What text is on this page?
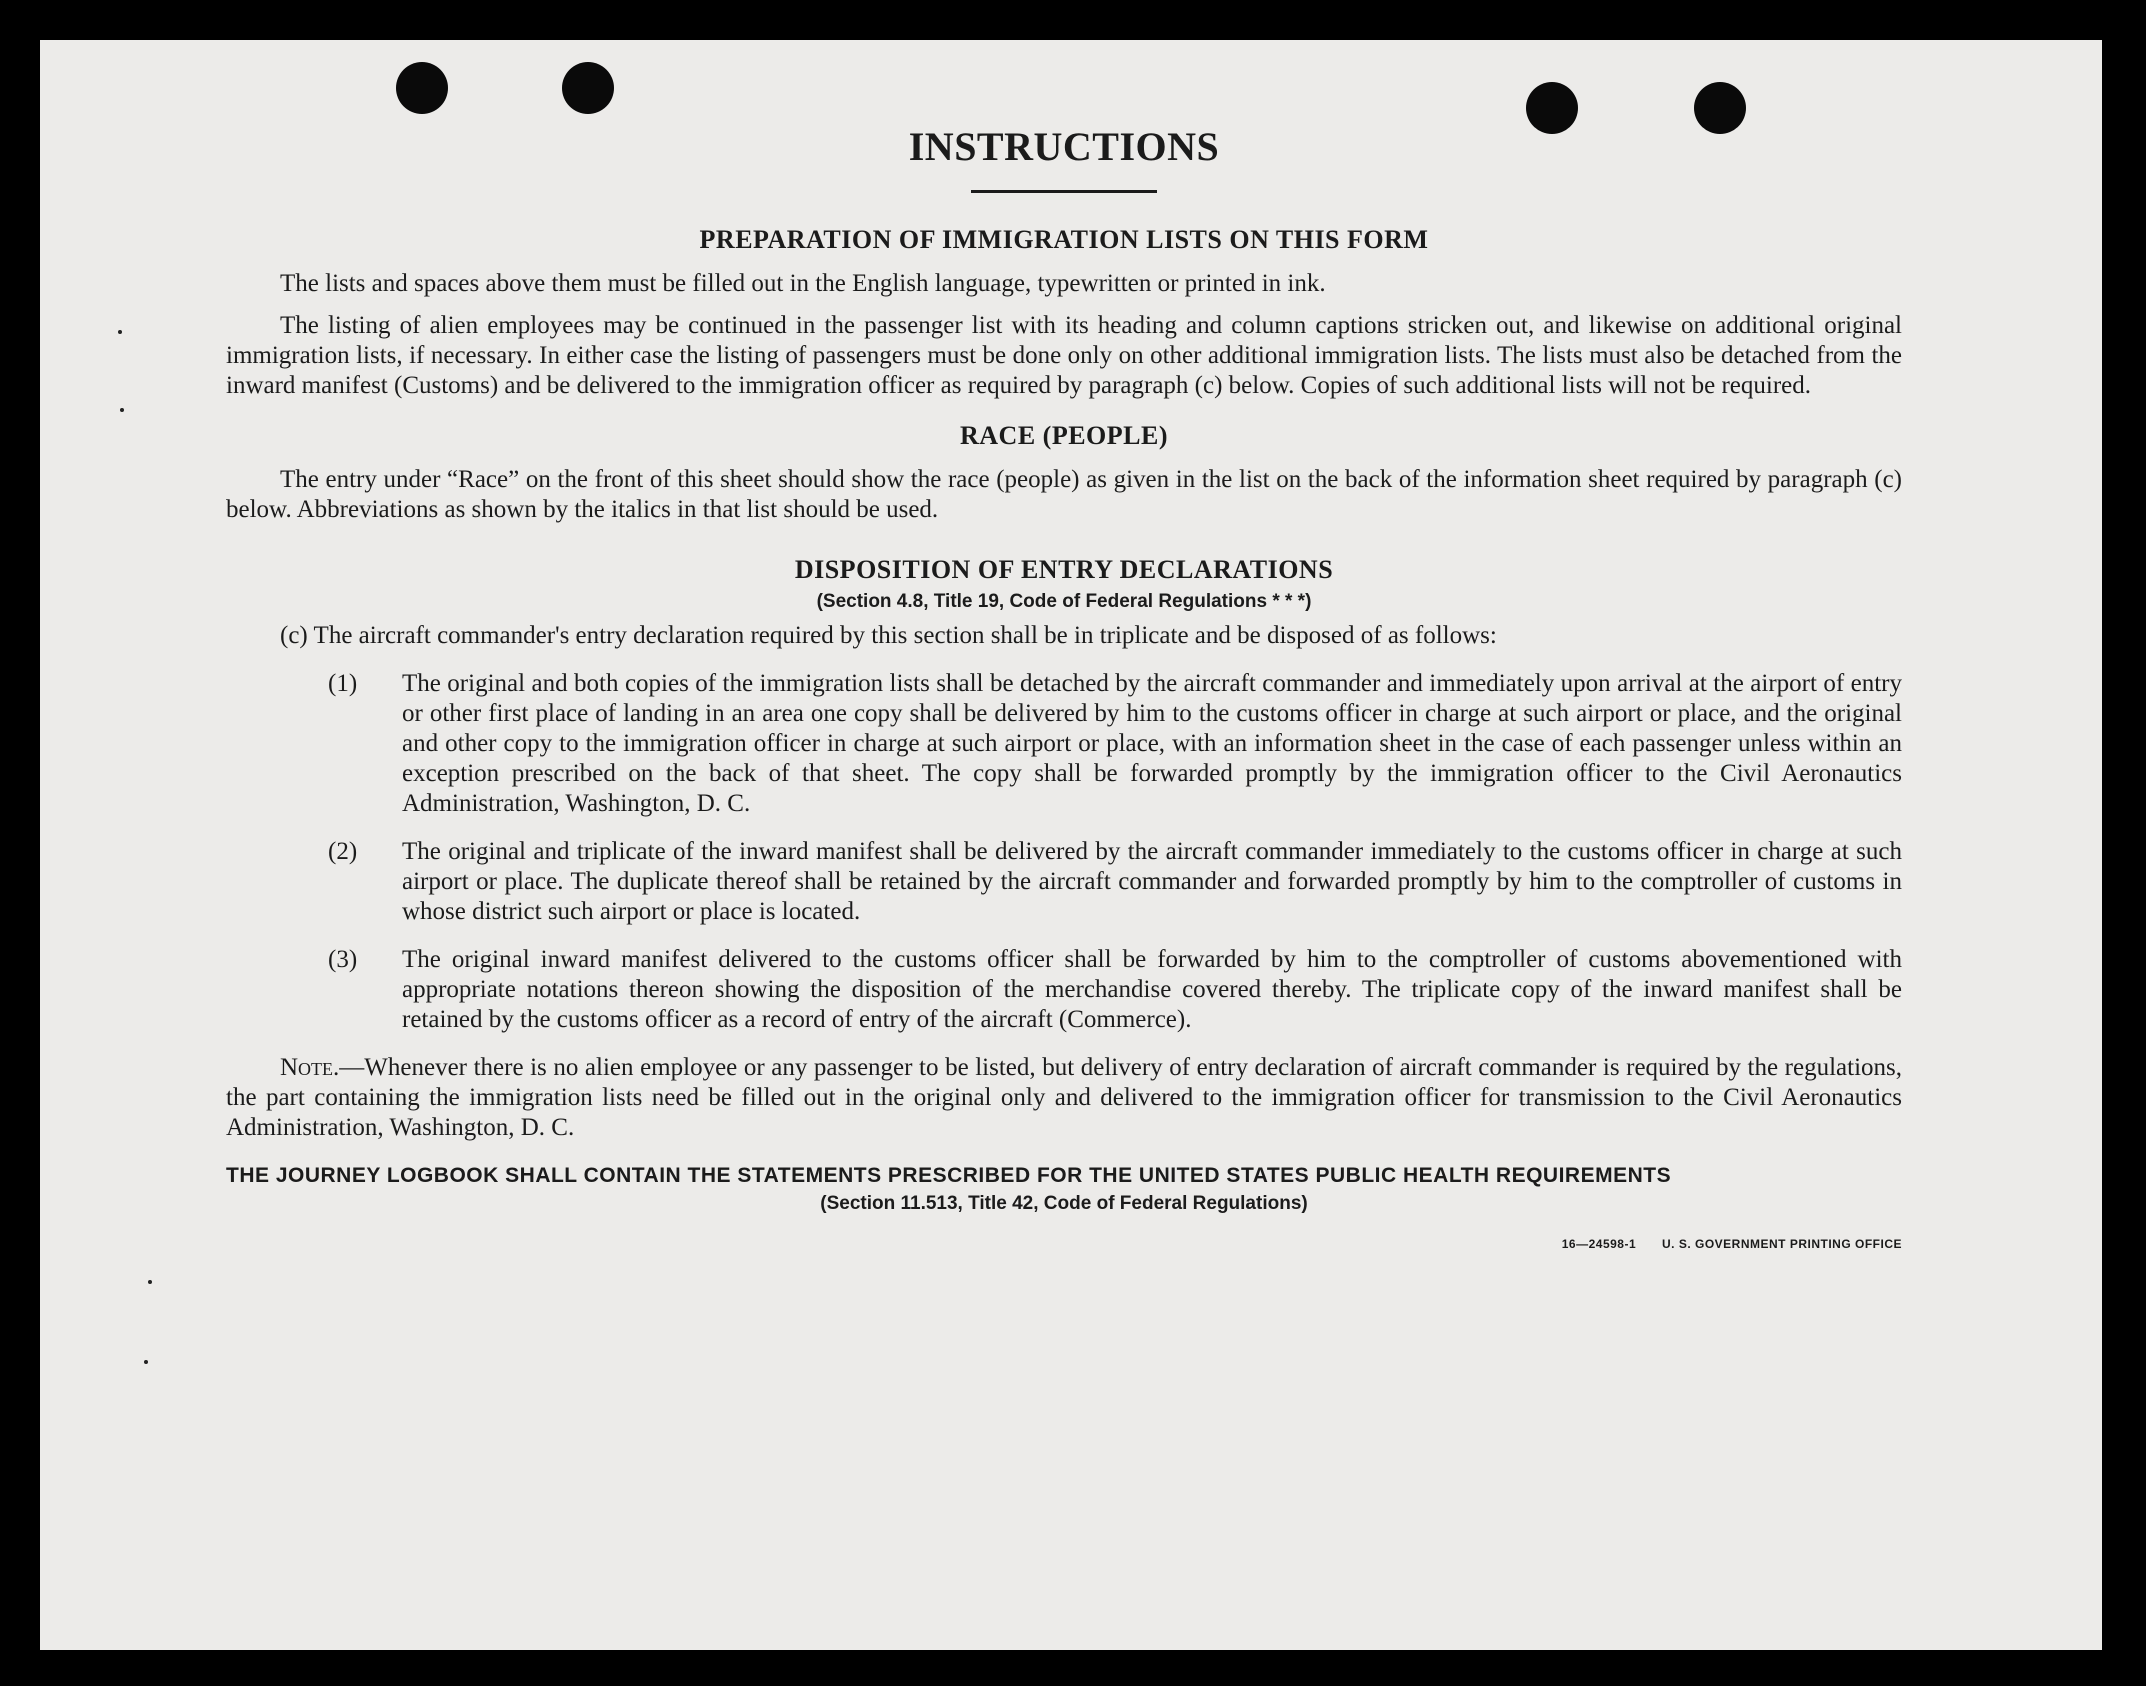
INSTRUCTIONS
PREPARATION OF IMMIGRATION LISTS ON THIS FORM

The lists and spaces above them must be filled out in the English language, typewritten or printed in ink.

The listing of alien employees may be continued in the passenger list with its heading and column captions stricken out, and likewise on additional original immigration lists, if necessary. In either case the listing of passengers must be done only on other additional immigration lists. The lists must also be detached from the inward manifest (Customs) and be delivered to the immigration officer as required by paragraph (c) below. Copies of such additional lists will not be required.

RACE (PEOPLE)

The entry under “Race” on the front of this sheet should show the race (people) as given in the list on the back of the information sheet required by paragraph (c) below. Abbreviations as shown by the italics in that list should be used.

DISPOSITION OF ENTRY DECLARATIONS
(Section 4.8, Title 19, Code of Federal Regulations * * *)

(c) The aircraft commander's entry declaration required by this section shall be in triplicate and be disposed of as follows:

(1) The original and both copies of the immigration lists shall be detached by the aircraft commander and immediately upon arrival at the airport of entry or other first place of landing in an area one copy shall be delivered by him to the customs officer in charge at such airport or place, and the original and other copy to the immigration officer in charge at such airport or place, with an information sheet in the case of each passenger unless within an exception prescribed on the back of that sheet. The copy shall be forwarded promptly by the immigration officer to the Civil Aeronautics Administration, Washington, D. C.
(2) The original and triplicate of the inward manifest shall be delivered by the aircraft commander immediately to the customs officer in charge at such airport or place. The duplicate thereof shall be retained by the aircraft commander and forwarded promptly by him to the comptroller of customs in whose district such airport or place is located.
(3) The original inward manifest delivered to the customs officer shall be forwarded by him to the comptroller of customs abovementioned with appropriate notations thereon showing the disposition of the merchandise covered thereby. The triplicate copy of the inward manifest shall be retained by the customs officer as a record of entry of the aircraft (Commerce).

Note.—Whenever there is no alien employee or any passenger to be listed, but delivery of entry declaration of aircraft commander is required by the regulations, the part containing the immigration lists need be filled out in the original only and delivered to the immigration officer for transmission to the Civil Aeronautics Administration, Washington, D. C.

THE JOURNEY LOGBOOK SHALL CONTAIN THE STATEMENTS PRESCRIBED FOR THE UNITED STATES PUBLIC HEALTH REQUIREMENTS

(Section 11.513, Title 42, Code of Federal Regulations)

16—24598-1 U. S. GOVERNMENT PRINTING OFFICE
